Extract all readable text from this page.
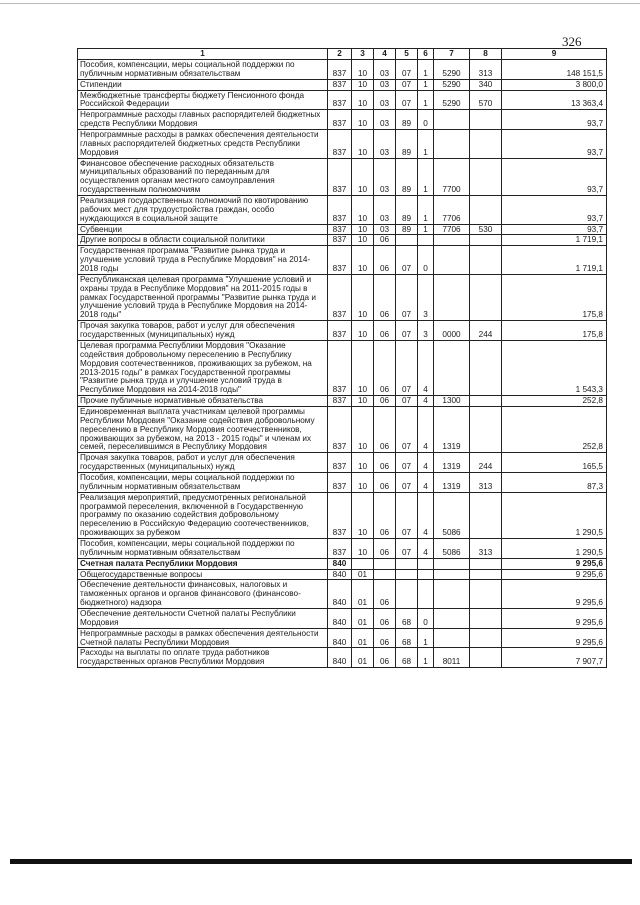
326
1	2	3	4	5	6	7	8	9
Пособия, компенсации, меры социальной поддержки по публичным нормативным обязательствам	837	10	03	07	1	5290	313	148 151,5
Стипендии	837	10	03	07	1	5290	340	3 800,0
Межбюджетные трансферты бюджету Пенсионного фонда Российской Федерации	837	10	03	07	1	5290	570	13 363,4
Непрограммные расходы главных распорядителей бюджетных средств Республики Мордовия	837	10	03	89	0			93,7
Непрограммные расходы в рамках обеспечения деятельности главных распорядителей бюджетных средств Республики Мордовия	837	10	03	89	1			93,7
Финансовое обеспечение расходных обязательств муниципальных образований по переданным для осуществления органам местного самоуправления государственным полномочиям	837	10	03	89	1	7700		93,7
Реализация государственных полномочий по квотированию рабочих мест для трудоустройства граждан, особо нуждающихся в социальной защите	837	10	03	89	1	7706		93,7
Субвенции	837	10	03	89	1	7706	530	93,7
Другие вопросы в области социальной политики	837	10	06					1 719,1
Государственная программа "Развитие рынка труда и улучшение условий труда в Республике Мордовия" на 2014-2018 годы	837	10	06	07	0			1 719,1
Республиканская целевая программа "Улучшение условий и охраны труда в Республике Мордовия" на 2011-2015 годы в рамках Государственной программы "Развитие рынка труда и улучшение условий труда в Республике Мордовия на 2014-2018 годы"	837	10	06	07	3			175,8
Прочая закупка товаров, работ и услуг для обеспечения государственных (муниципальных) нужд	837	10	06	07	3	0000	244	175,8
Целевая программа Республики Мордовия "Оказание содействия добровольному переселению в Республику Мордовия соотечественников, проживающих за рубежом, на 2013-2015 годы" в рамках Государственной программы "Развитие рынка труда и улучшение условий труда в Республике Мордовия на 2014-2018 годы"	837	10	06	07	4			1 543,3
Прочие публичные нормативные обязательства	837	10	06	07	4	1300		252,8
Единовременная выплата участникам целевой программы Республики Мордовия "Оказание содействия добровольному переселению в Республику Мордовия соотечественников, проживающих за рубежом, на 2013 - 2015 годы" и членам их семей, переселившимся в Республику Мордовия	837	10	06	07	4	1319		252,8
Прочая закупка товаров, работ и услуг для обеспечения государственных (муниципальных) нужд	837	10	06	07	4	1319	244	165,5
Пособия, компенсации, меры социальной поддержки по публичным нормативным обязательствам	837	10	06	07	4	1319	313	87,3
Реализация мероприятий, предусмотренных региональной программой переселения, включенной в Государственную программу по оказанию содействия добровольному переселению в Российскую Федерацию соотечественников, проживающих за рубежом	837	10	06	07	4	5086		1 290,5
Пособия, компенсации, меры социальной поддержки по публичным нормативным обязательствам	837	10	06	07	4	5086	313	1 290,5
Счетная палата Республики Мордовия	840							9 295,6
Общегосударственные вопросы	840	01						9 295,6
Обеспечение деятельности финансовых, налоговых и таможенных органов и органов финансового (финансово-бюджетного) надзора	840	01	06					9 295,6
Обеспечение деятельности Счетной палаты Республики Мордовия	840	01	06	68	0			9 295,6
Непрограммные расходы в рамках обеспечения деятельности Счетной палаты Республики Мордовия	840	01	06	68	1			9 295,6
Расходы на выплаты по оплате труда работников государственных органов Республики Мордовия	840	01	06	68	1	8011		7 907,7
